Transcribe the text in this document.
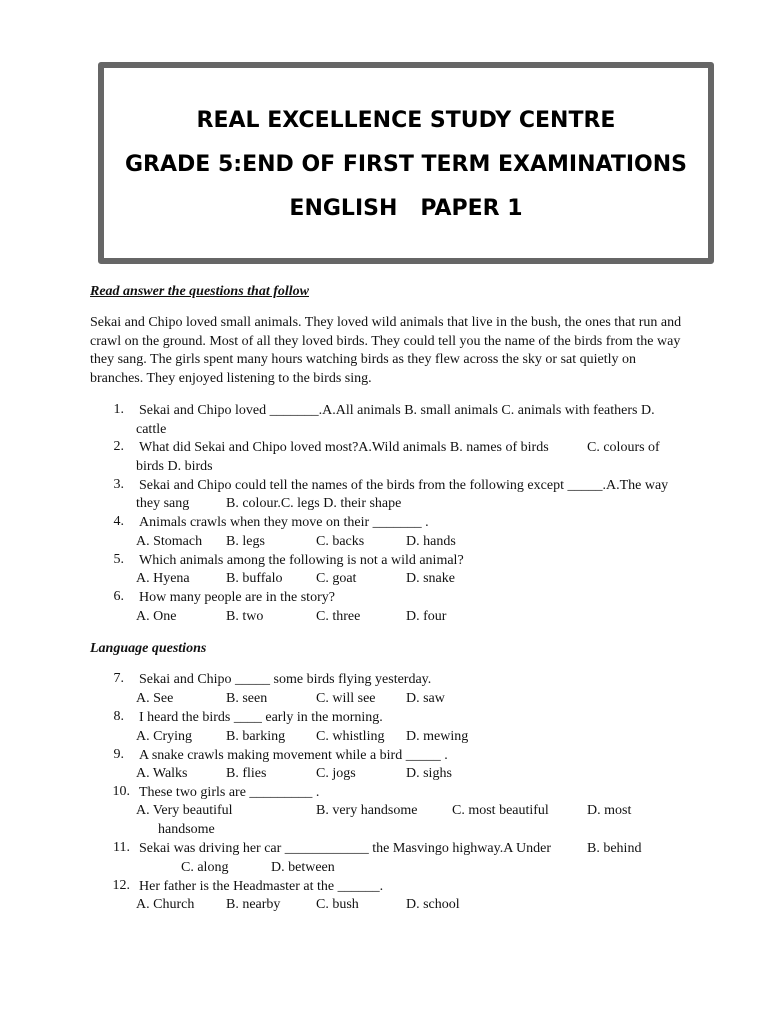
REAL EXCELLENCE STUDY CENTRE
GRADE 5:END OF FIRST TERM EXAMINATIONS
ENGLISH   PAPER 1
Read answer the questions that follow
Sekai and Chipo loved small animals. They loved wild animals that live in the bush, the ones that run and
crawl on the ground. Most of all they loved birds. They could tell you the name of the birds from the way
they sang. The girls spent many hours watching birds as they flew across the sky or sat quietly on
branches. They enjoyed listening to the birds sing.
1. Sekai and Chipo loved _______.A.All animals B. small animals C. animals with feathers D.
cattle
2. What did Sekai and Chipo loved most?A.Wild animals B. names of birds	C. colours of
birds D. birds
3. Sekai and Chipo could tell the names of the birds from the following except _____.A.The way
they sang	B. colour.C. legs D. their shape
4. Animals crawls when they move on their _______ .
A. Stomach B. legs	C. backs	D. hands
5. Which animals among the following is not a wild animal?
A. Hyena	B. buffalo C. goat	D. snake
6. How many people are in the story?
A. One	B. two	C. three	D. four
Language questions
7. Sekai and Chipo _____ some birds flying yesterday.
A. See	B. seen	C. will see D. saw
8. I heard the birds ____ early in the morning.
A. Crying B. barking C. whistling D. mewing
9. A snake crawls making movement while a bird _____ .
A. Walks	B. flies	C. jogs	D. sighs
10. These two girls are _________ .
A. Very beautiful	B. very handsome C. most beautiful	D. most
handsome
11. Sekai was driving her car ____________ the Masvingo highway.A Under	B. behind
C. along	D. between
12. Her father is the Headmaster at the ______.
A. Church B. nearby	C. bush	D. school
